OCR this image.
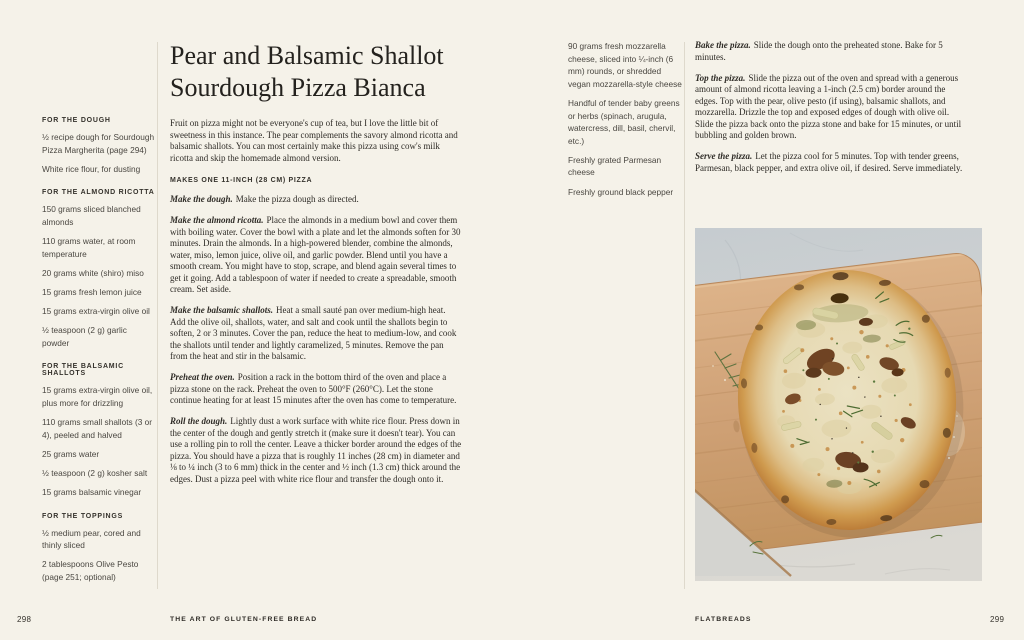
FOR THE DOUGH

½ recipe dough for Sourdough Pizza Margherita (page 294)

White rice flour, for dusting

FOR THE ALMOND RICOTTA

150 grams sliced blanched almonds

110 grams water, at room temperature

20 grams white (shiro) miso

15 grams fresh lemon juice

15 grams extra-virgin olive oil

½ teaspoon (2 g) garlic powder

FOR THE BALSAMIC SHALLOTS

15 grams extra-virgin olive oil, plus more for drizzling

110 grams small shallots (3 or 4), peeled and halved

25 grams water

½ teaspoon (2 g) kosher salt

15 grams balsamic vinegar

FOR THE TOPPINGS

½ medium pear, cored and thinly sliced

2 tablespoons Olive Pesto (page 251; optional)

Pear and Balsamic Shallot
Sourdough Pizza Bianca

Fruit on pizza might not be everyone's cup of tea, but I love the little bit of sweetness in this instance. The pear complements the savory almond ricotta and balsamic shallots. You can most certainly make this pizza using cow's milk ricotta and skip the homemade almond version.

MAKES ONE 11-INCH (28 CM) PIZZA

Make the dough. Make the pizza dough as directed.

Make the almond ricotta. Place the almonds in a medium bowl and cover them with boiling water. Cover the bowl with a plate and let the almonds soften for 30 minutes. Drain the almonds. In a high-powered blender, combine the almonds, water, miso, lemon juice, olive oil, and garlic powder. Blend until you have a smooth cream. You might have to stop, scrape, and blend again several times to get it going. Add a tablespoon of water if needed to create a spreadable, smooth cream. Set aside.

Make the balsamic shallots. Heat a small sauté pan over medium-high heat. Add the olive oil, shallots, water, and salt and cook until the shallots begin to soften, 2 or 3 minutes. Cover the pan, reduce the heat to medium-low, and cook the shallots until tender and lightly caramelized, 5 minutes. Remove the pan from the heat and stir in the balsamic.

Preheat the oven. Position a rack in the bottom third of the oven and place a pizza stone on the rack. Preheat the oven to 500°F (260°C). Let the stone continue heating for at least 15 minutes after the oven has come to temperature.

Roll the dough. Lightly dust a work surface with white rice flour. Press down in the center of the dough and gently stretch it (make sure it doesn't tear). You can use a rolling pin to roll the center. Leave a thicker border around the edges of the pizza. You should have a pizza that is roughly 11 inches (28 cm) in diameter and ⅛ to ¼ inch (3 to 6 mm) thick in the center and ½ inch (1.3 cm) thick around the edges. Dust a pizza peel with white rice flour and transfer the dough onto it.

298	THE ART OF GLUTEN-FREE BREAD

90 grams fresh mozzarella cheese, sliced into ¼-inch (6 mm) rounds, or shredded vegan mozzarella-style cheese

Handful of tender baby greens or herbs (spinach, arugula, watercress, dill, basil, chervil, etc.)

Freshly grated Parmesan cheese

Freshly ground black pepper

Bake the pizza. Slide the dough onto the preheated stone. Bake for 5 minutes.

Top the pizza. Slide the pizza out of the oven and spread with a generous amount of almond ricotta leaving a 1-inch (2.5 cm) border around the edges. Top with the pear, olive pesto (if using), balsamic shallots, and mozzarella. Drizzle the top and exposed edges of dough with olive oil. Slide the pizza back onto the pizza stone and bake for 15 minutes, or until bubbling and golden brown.

Serve the pizza. Let the pizza cool for 5 minutes. Top with tender greens, Parmesan, black pepper, and extra olive oil, if desired. Serve immediately.

299
FLATBREADS
